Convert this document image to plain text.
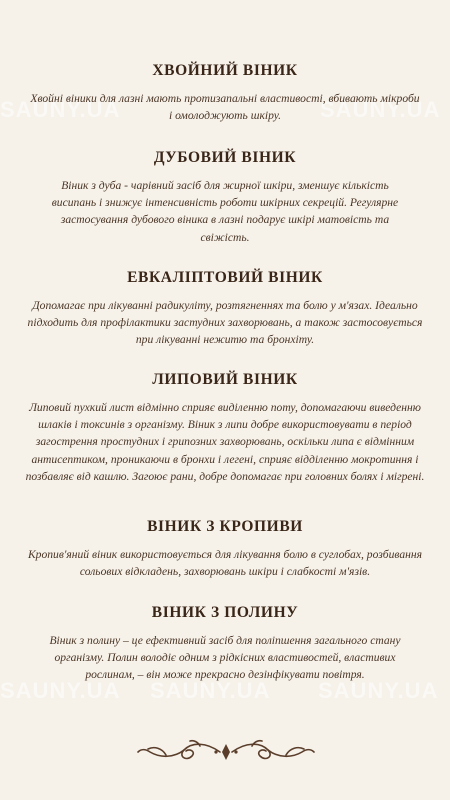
SAUNY.UA	SAUNY.UA
SAUNY.UA SAUNY.UA SAUNY.UA
ХВОЙНИЙ ВІНИК

Хвойні віники для лазні мають протизапальні властивості, вбивають мікроби і омолоджують шкіру.

ДУБОВИЙ ВІНИК

Віник з дуба - чарівний засіб для жирної шкіри, зменшує кількість висипань і знижує інтенсивність роботи шкірних секрецій. Регулярне застосування дубового віника в лазні подарує шкірі матовість та свіжість.

ЕВКАЛІПТОВИЙ ВІНИК

Допомагає при лікуванні радикуліту, розтягненнях та болю у м'язах. Ідеально підходить для профілактики застудних захворювань, а також застосовується при лікуванні нежитю та бронхіту.

ЛИПОВИЙ ВІНИК

Липовий пухкий лист відмінно сприяє виділенню поту, допомагаючи виведенню шлаків і токсинів з організму. Віник з липи добре використовувати в період загострення простудних і грипозних захворювань, оскільки липа є відмінним антисептиком, проникаючи в бронхи і легені, сприяє відділенню мокротиння і позбавляє від кашлю. Загоює рани, добре допомагає при головних болях і мігрені.

ВІНИК З КРОПИВИ

Кропив'яний віник використовується для лікування болю в суглобах, розбивання сольових відкладень, захворювань шкіри і слабкості м'язів.

ВІНИК З ПОЛИНУ

Віник з полину – це ефективний засіб для поліпшення загального стану організму. Полин володіє одним з рідкісних властивостей, властивих рослинам, – він може прекрасно дезінфікувати повітря.
